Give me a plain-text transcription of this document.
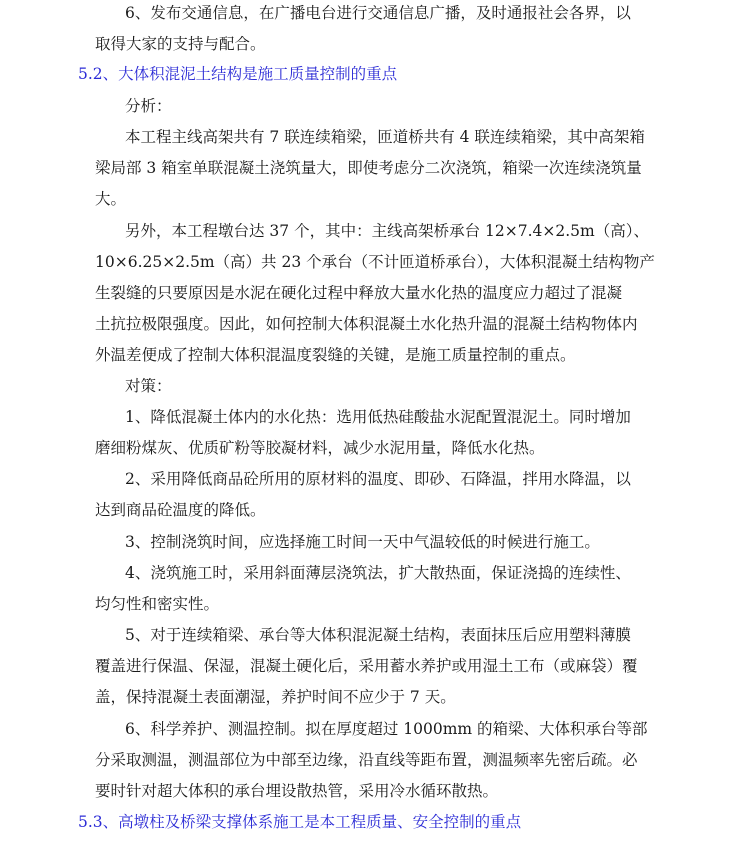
6、发布交通信息，在广播电台进行交通信息广播，及时通报社会各界，以
取得大家的支持与配合。
5.2、大体积混泥土结构是施工质量控制的重点
分析：
本工程主线高架共有 7 联连续箱梁，匝道桥共有 4 联连续箱梁，其中高架箱
梁局部 3 箱室单联混凝土浇筑量大，即使考虑分二次浇筑，箱梁一次连续浇筑量
大。
另外，本工程墩台达 37 个，其中：主线高架桥承台 12×7.4×2.5m（高）、
10×6.25×2.5m（高）共 23 个承台（不计匝道桥承台），大体积混凝土结构物产
生裂缝的只要原因是水泥在硬化过程中释放大量水化热的温度应力超过了混凝
土抗拉极限强度。因此，如何控制大体积混凝土水化热升温的混凝土结构物体内
外温差便成了控制大体积混温度裂缝的关键，是施工质量控制的重点。
对策：
1、降低混凝土体内的水化热：选用低热硅酸盐水泥配置混泥土。同时增加
磨细粉煤灰、优质矿粉等胶凝材料，减少水泥用量，降低水化热。
2、采用降低商品砼所用的原材料的温度、即砂、石降温，拌用水降温，以
达到商品砼温度的降低。
3、控制浇筑时间，应选择施工时间一天中气温较低的时候进行施工。
4、浇筑施工时，采用斜面薄层浇筑法，扩大散热面，保证浇捣的连续性、
均匀性和密实性。
5、对于连续箱梁、承台等大体积混泥凝土结构，表面抹压后应用塑料薄膜
覆盖进行保温、保湿，混凝土硬化后，采用蓄水养护或用湿土工布（或麻袋）覆
盖，保持混凝土表面潮湿，养护时间不应少于 7 天。
6、科学养护、测温控制。拟在厚度超过 1000mm 的箱梁、大体积承台等部
分采取测温，测温部位为中部至边缘，沿直线等距布置，测温频率先密后疏。必
要时针对超大体积的承台埋设散热管，采用冷水循环散热。
5.3、高墩柱及桥梁支撑体系施工是本工程质量、安全控制的重点
